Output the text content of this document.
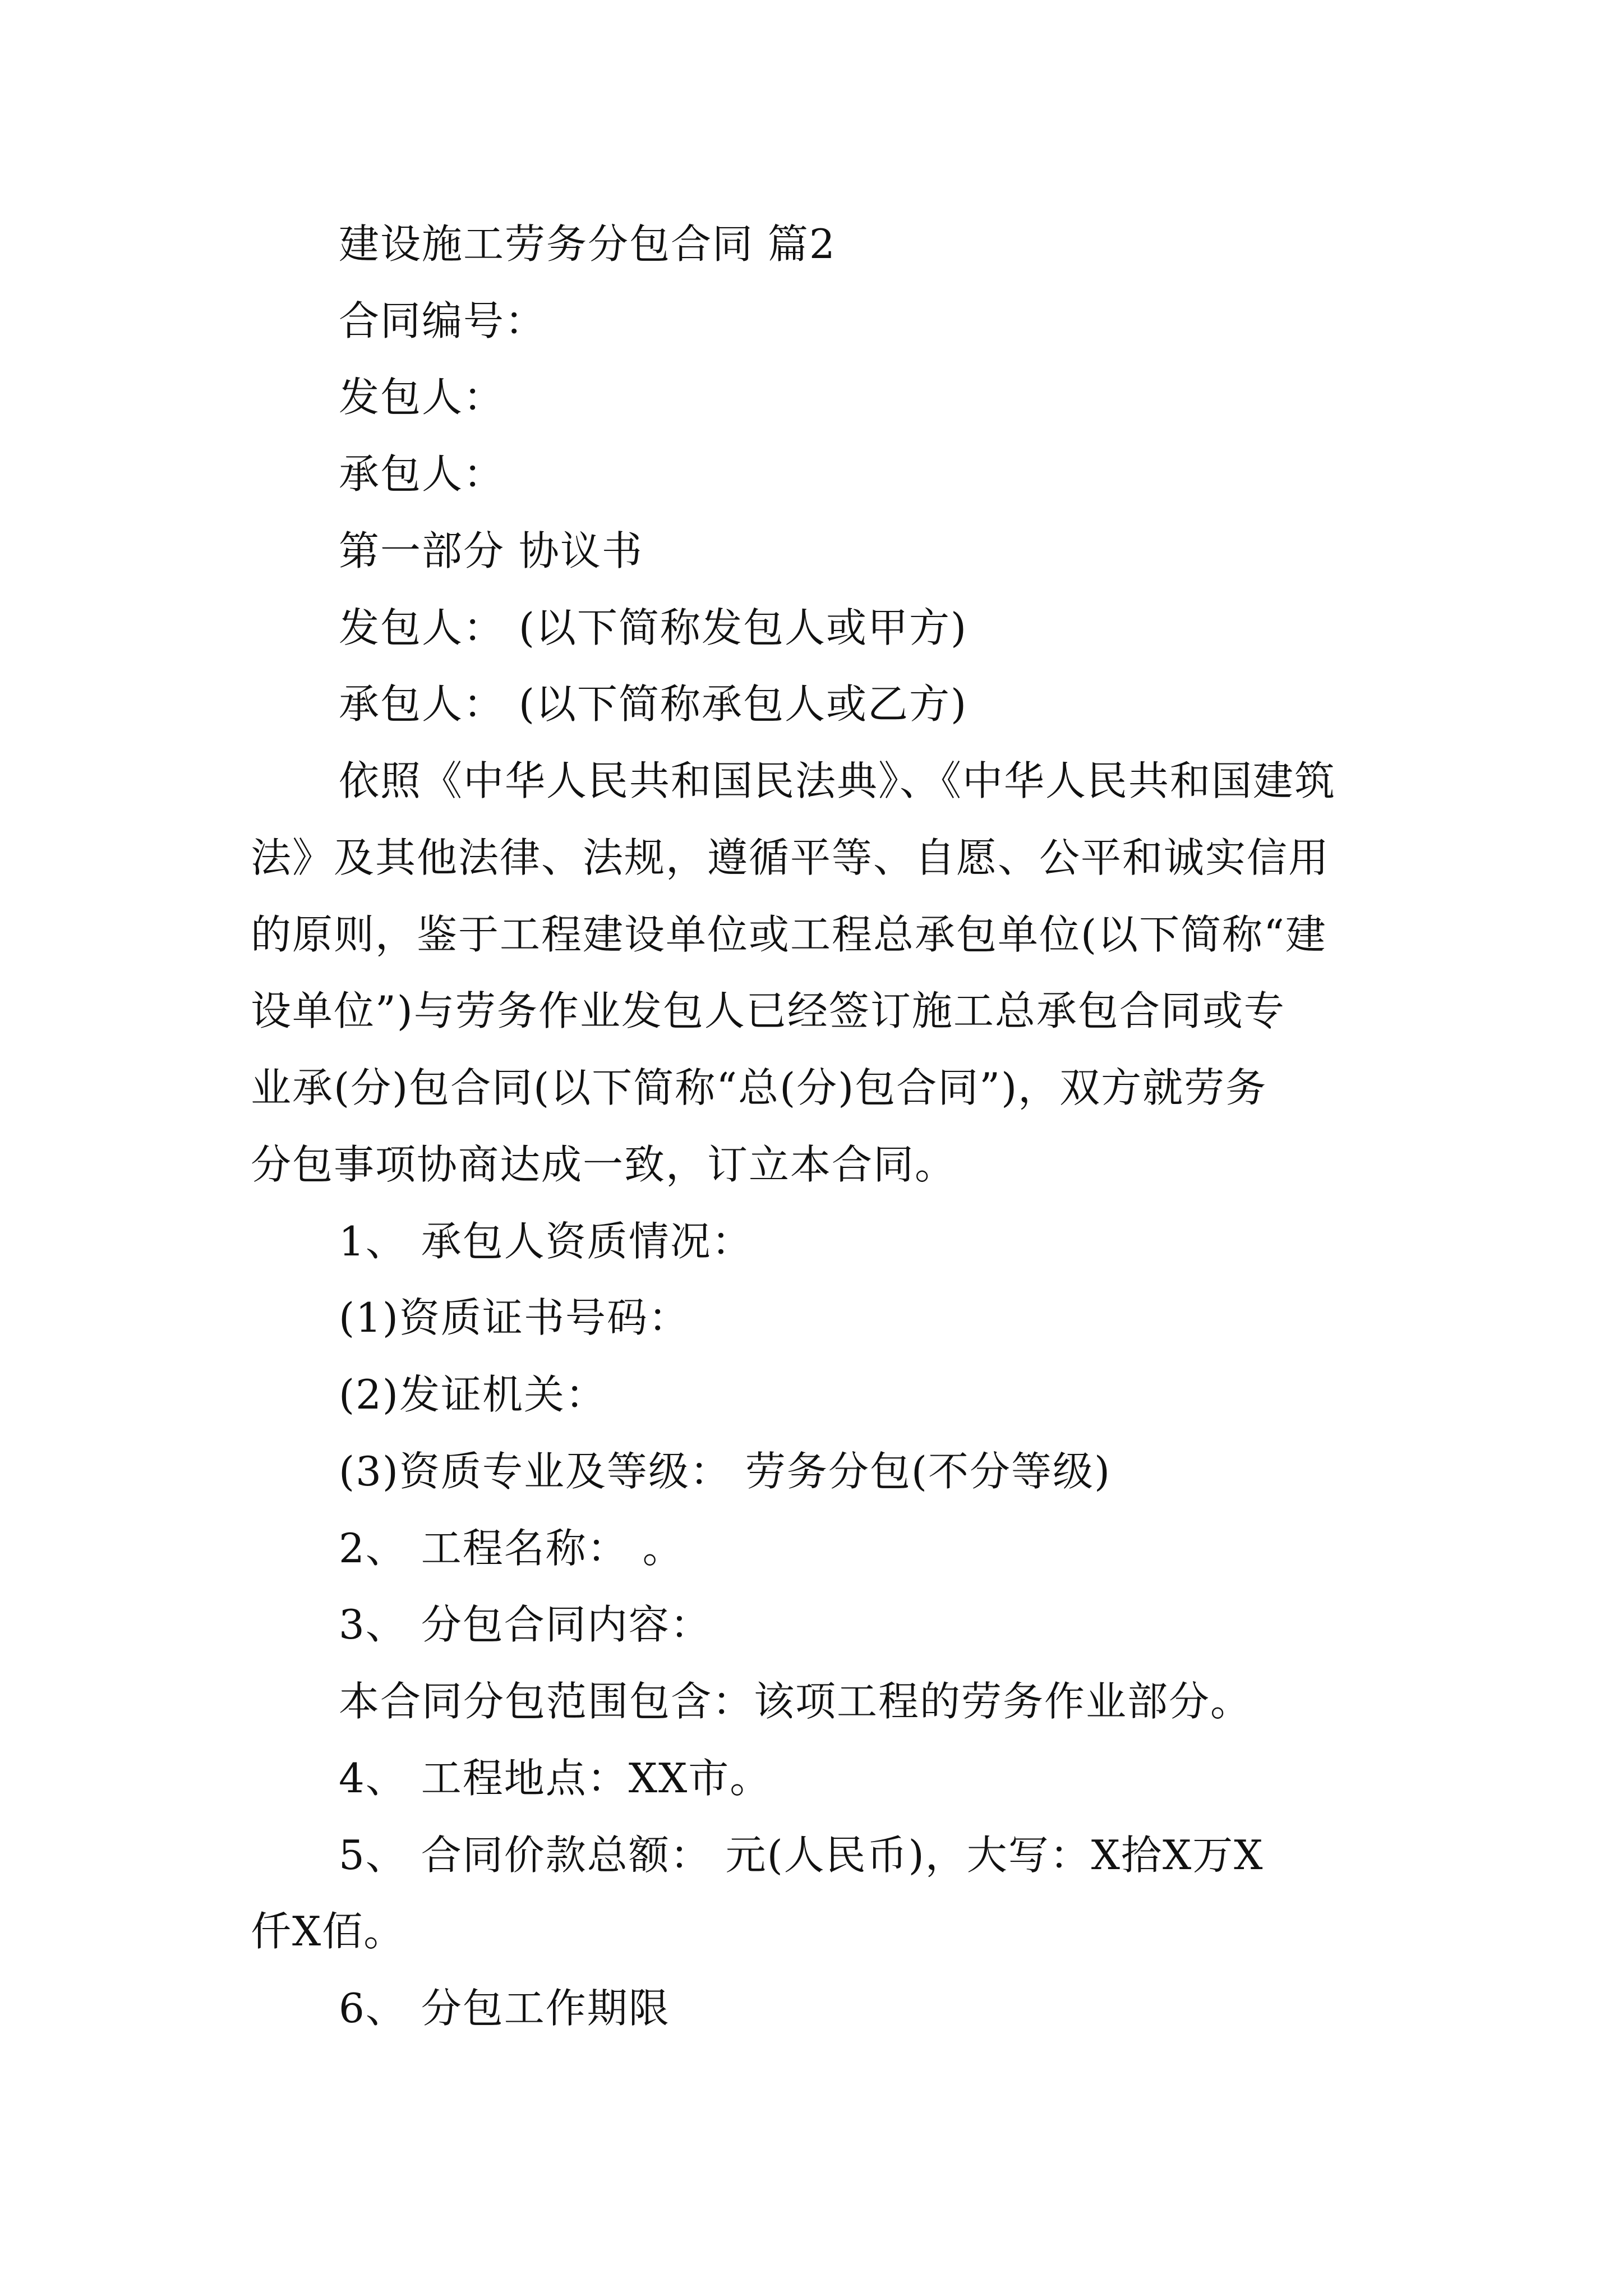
建设施工劳务分包合同 篇2
合同编号：
发包人：
承包人：
第一部分 协议书
发包人： (以下简称发包人或甲方)
承包人： (以下简称承包人或乙方)
依照《中华人民共和国民法典》、《中华人民共和国建筑
法》及其他法律、法规，遵循平等、自愿、公平和诚实信用
的原则，鉴于工程建设单位或工程总承包单位(以下简称“建
设单位”)与劳务作业发包人已经签订施工总承包合同或专
业承(分)包合同(以下简称“总(分)包合同”)，双方就劳务
分包事项协商达成一致，订立本合同。
1、 承包人资质情况：
(1)资质证书号码：
(2)发证机关：
(3)资质专业及等级： 劳务分包(不分等级)
2、 工程名称： 。
3、 分包合同内容：
本合同分包范围包含：该项工程的劳务作业部分。
4、 工程地点：XX市。
5、 合同价款总额： 元(人民币)，大写：X拾X万X
仟X佰。
6、 分包工作期限
